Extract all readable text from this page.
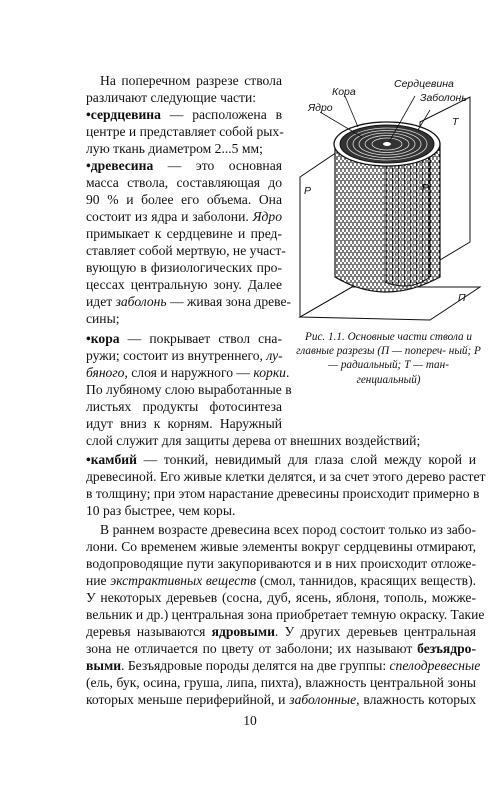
На поперечном разрезе ствола
различают следующие части:
•сердцевина — расположена в
центре и представляет собой рых-
лую ткань диаметром 2...5 мм;
•древесина — это основная
масса ствола, составляющая до
90 % и более его объема. Она
состоит из ядра и заболони. Ядро
примыкает к сердцевине и пред-
ставляет собой мертвую, не участ-
вующую в физиологических про-
цессах центральную зону. Далее
идет заболонь — живая зона древе-
сины;
•кора — покрывает ствол сна-
ружи; состоит из внутреннего, лу-
бяного, слоя и наружного — корки.
По лубяному слою выработанные в
листьях продукты фотосинтеза
идут вниз к корням. Наружный
слой служит для защиты дерева от внешних воздействий;
•камбий — тонкий, невидимый для глаза слой между корой и
древесиной. Его живые клетки делятся, и за счет этого дерево растет
в толщину; при этом нарастание древесины происходит примерно в
10 раз быстрее, чем коры.
В раннем возрасте древесина всех пород состоит только из забо-
лони. Со временем живые элементы вокруг сердцевины отмирают,
водопроводящие пути закупориваются и в них происходит отложе-
ние экстрактивных веществ (смол, таннидов, красящих веществ).
У некоторых деревьев (сосна, дуб, ясень, яблоня, тополь, можже-
вельник и др.) центральная зона приобретает темную окраску. Такие
деревья называются ядровыми. У других деревьев центральная
зона не отличается по цвету от заболони; их называют безъядро-
выми. Безъядровые породы делятся на две группы: спелодревесные
(ель, бук, осина, груша, липа, пихта), влажность центральной зоны
которых меньше периферийной, и заболонные, влажность которых
Кора
Сердцевина
Ядро
Заболонь
Т
Р	Р
П
Рис. 1.1. Основные части ствола и главные разрезы (П — попереч- ный; Р — радиальный; Т — тан- генциальный)
10
